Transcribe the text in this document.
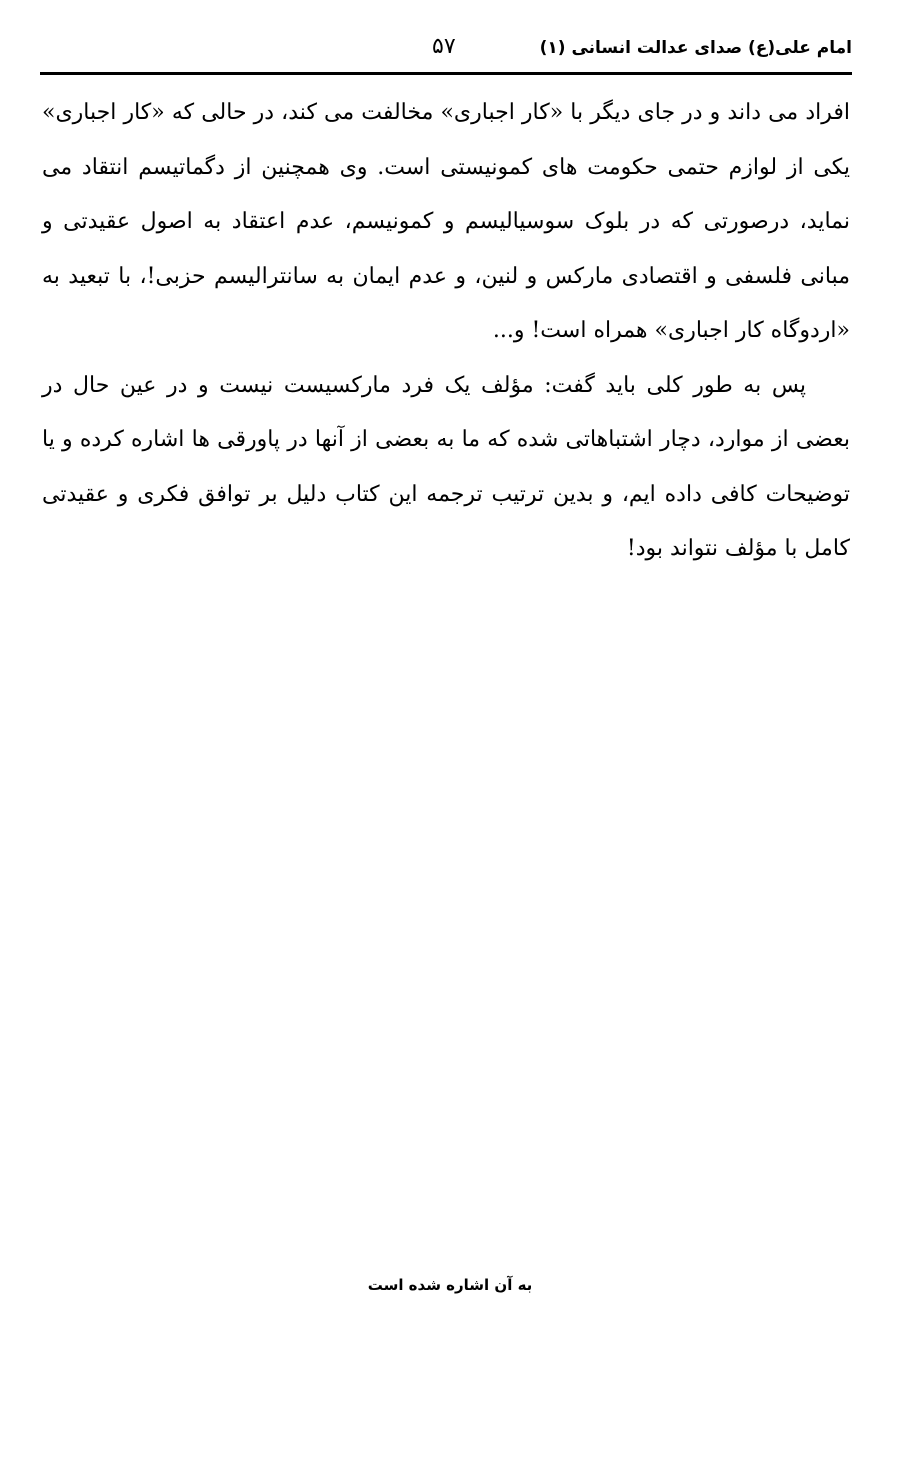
امام علی(ع) صدای عدالت انسانی (۱)
۵۷

افراد می داند و در جای دیگر با «کار اجباری» مخالفت می کند، در حالی که «کار اجباری» یکی از لوازم حتمی حکومت های کمونیستی است. وی همچنین از دگماتیسم انتقاد می نماید، درصورتی که در بلوک سوسیالیسم و کمونیسم، عدم اعتقاد به اصول عقیدتی و مبانی فلسفی و اقتصادی مارکس و لنین، و عدم ایمان به سانترالیسم حزبی!، با تبعید به «اردوگاه کار اجباری» همراه است! و...

پس به طور کلی باید گفت: مؤلف یک فرد مارکسیست نیست و در عین حال در بعضی از موارد، دچار اشتباهاتی شده که ما به بعضی از آنها در پاورقی ها اشاره کرده و یا توضیحات کافی داده ایم، و بدین ترتیب ترجمه این کتاب دلیل بر توافق فکری و عقیدتی کامل با مؤلف نتواند بود!

به آن اشاره شده است
